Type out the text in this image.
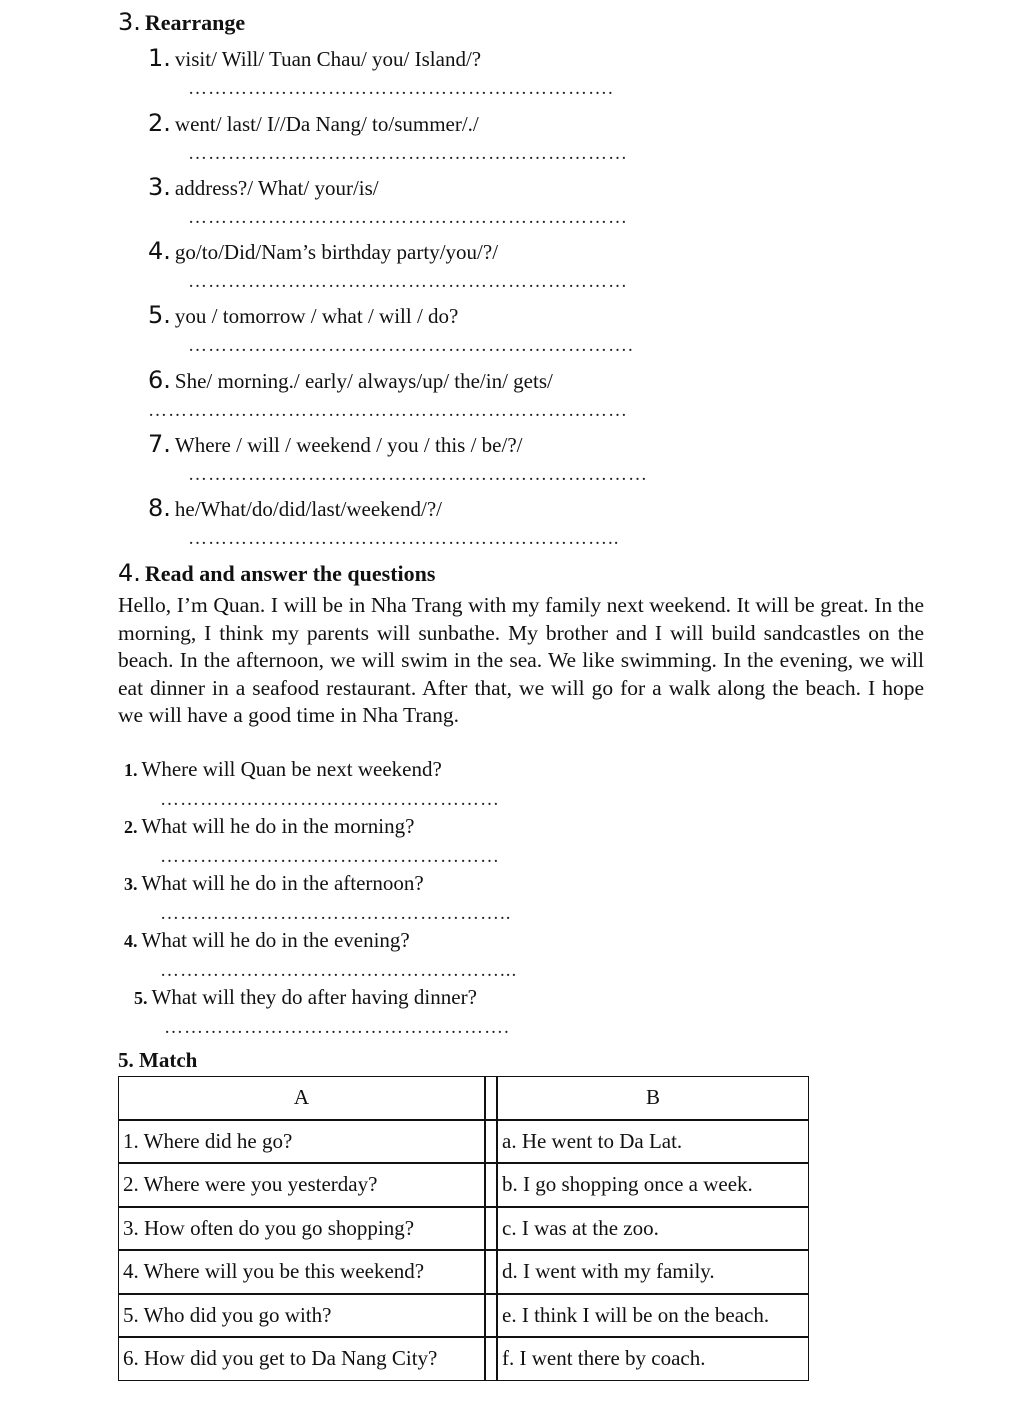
3. Rearrange
1. visit/ Will/ Tuan Chau/ you/ Island/?
……………………………………………………….
2. went/ last/ I//Da Nang/ to/summer/./
…………………………………………………………
3. address?/ What/ your/is/
…………………………………………………………
4. go/to/Did/Nam’s birthday party/you/?/
…………………………………………………………
5. you / tomorrow / what / will / do?
………………………………………………………….
6. She/ morning./ early/ always/up/ the/in/ gets/
………………………………………………………………
7. Where / will / weekend / you / this / be/?/
……………………………………………………………
8. he/What/do/did/last/weekend/?/
………………………………………………………..
4. Read and answer the questions
Hello, I’m Quan. I will be in Nha Trang with my family next weekend. It will be great. In the morning, I think my parents will sunbathe. My brother and I will build sandcastles on the beach. In the afternoon, we will swim in the sea. We like swimming. In the evening, we will eat dinner in a seafood restaurant. After that, we will go for a walk along the beach. I hope we will have a good time in Nha Trang.
1. Where will Quan be next weekend?
……………………………………………
2. What will he do in the morning?
……………………………………………
3. What will he do in the afternoon?
……………………………………………..
4. What will he do in the evening?
……………………………………………...
5. What will they do after having dinner?
…………………………………………….
5. Match
A		B
1. Where did he go?		a. He went to Da Lat.
2. Where were you yesterday?		b. I go shopping once a week.
3. How often do you go shopping?		c. I was at the zoo.
4. Where will you be this weekend?		d. I went with my family.
5. Who did you go with?		e. I think I will be on the beach.
6. How did you get to Da Nang City?		f. I went there by coach.
